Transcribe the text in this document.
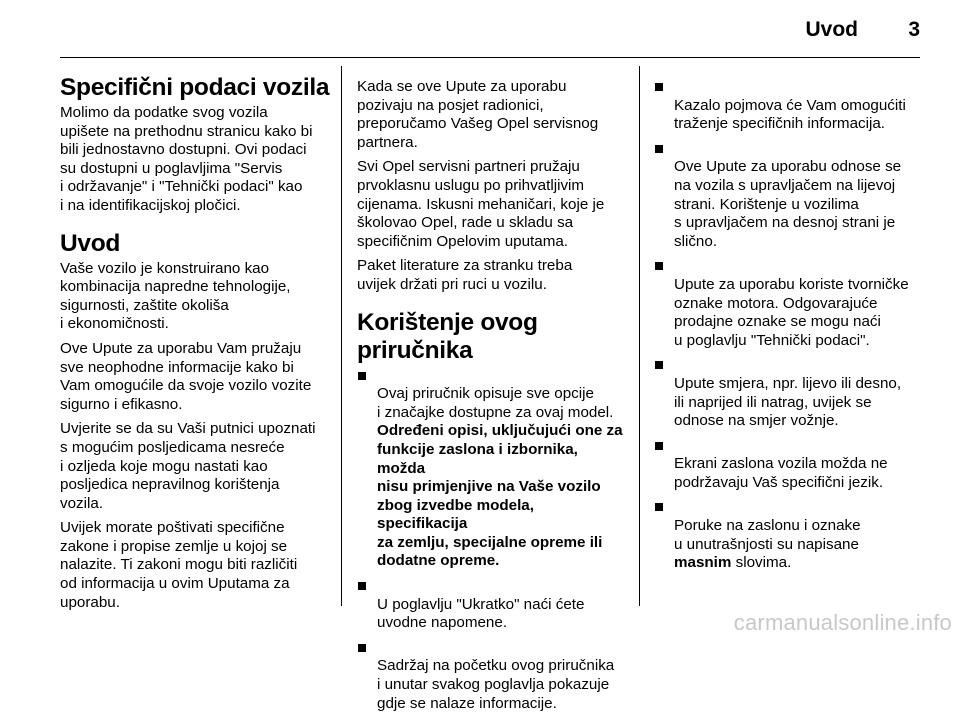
Uvod 3
Specifični podaci vozila

Molimo da podatke svog vozila
upišete na prethodnu stranicu kako bi
bili jednostavno dostupni. Ovi podaci
su dostupni u poglavljima "Servis
i održavanje" i "Tehnički podaci" kao
i na identifikacijskoj pločici.

Uvod

Vaše vozilo je konstruirano kao
kombinacija napredne tehnologije,
sigurnosti, zaštite okoliša
i ekonomičnosti.

Ove Upute za uporabu Vam pružaju
sve neophodne informacije kako bi
Vam omogućile da svoje vozilo vozite
sigurno i efikasno.

Uvjerite se da su Vaši putnici upoznati
s mogućim posljedicama nesreće
i ozljeda koje mogu nastati kao
posljedica nepravilnog korištenja
vozila.

Uvijek morate poštivati specifične
zakone i propise zemlje u kojoj se
nalazite. Ti zakoni mogu biti različiti
od informacija u ovim Uputama za
uporabu.

Kada se ove Upute za uporabu
pozivaju na posjet radionici,
preporučamo Vašeg Opel servisnog
partnera.

Svi Opel servisni partneri pružaju
prvoklasnu uslugu po prihvatljivim
cijenama. Iskusni mehaničari, koje je
školovao Opel, rade u skladu sa
specifičnim Opelovim uputama.

Paket literature za stranku treba
uvijek držati pri ruci u vozilu.

Korištenje ovog priručnika

Ovaj priručnik opisuje sve opcije
i značajke dostupne za ovaj model.
Određeni opisi, uključujući one za
funkcije zaslona i izbornika, možda
nisu primjenjive na Vaše vozilo
zbog izvedbe modela, specifikacija
za zemlju, specijalne opreme ili
dodatne opreme.

U poglavlju "Ukratko" naći ćete
uvodne napomene.

Sadržaj na početku ovog priručnika
i unutar svakog poglavlja pokazuje
gdje se nalaze informacije.

Kazalo pojmova će Vam omogućiti
traženje specifičnih informacija.

Ove Upute za uporabu odnose se
na vozila s upravljačem na lijevoj
strani. Korištenje u vozilima
s upravljačem na desnoj strani je
slično.

Upute za uporabu koriste tvorničke
oznake motora. Odgovarajuće
prodajne oznake se mogu naći
u poglavlju "Tehnički podaci".

Upute smjera, npr. lijevo ili desno,
ili naprijed ili natrag, uvijek se
odnose na smjer vožnje.

Ekrani zaslona vozila možda ne
podržavaju Vaš specifični jezik.

Poruke na zaslonu i oznake
u unutrašnjosti su napisane
masnim slovima.

carmanualsonline.info
